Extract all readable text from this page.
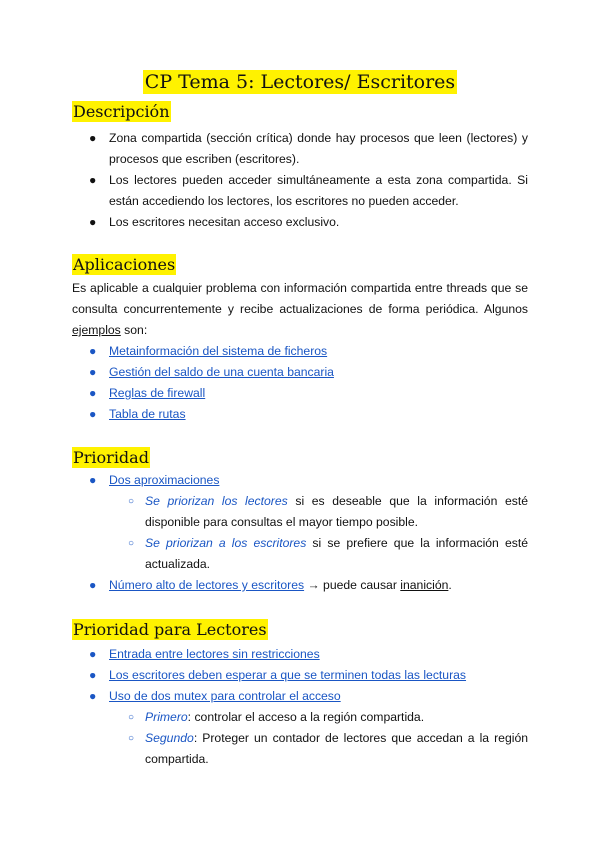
CP Tema 5: Lectores/ Escritores
Descripción
● Zona compartida (sección crítica) donde hay procesos que leen (lectores) y procesos que escriben (escritores).
● Los lectores pueden acceder simultáneamente a esta zona compartida. Si están accediendo los lectores, los escritores no pueden acceder.
● Los escritores necesitan acceso exclusivo.
Aplicaciones
Es aplicable a cualquier problema con información compartida entre threads que se consulta concurrentemente y recibe actualizaciones de forma periódica. Algunos ejemplos son:
● Metainformación del sistema de ficheros
● Gestión del saldo de una cuenta bancaria
● Reglas de firewall
● Tabla de rutas
Prioridad
● Dos aproximaciones
○ Se priorizan los lectores si es deseable que la información esté disponible para consultas el mayor tiempo posible.
○ Se priorizan a los escritores si se prefiere que la información esté actualizada.
● Número alto de lectores y escritores → puede causar inanición.
Prioridad para Lectores
● Entrada entre lectores sin restricciones
● Los escritores deben esperar a que se terminen todas las lecturas
● Uso de dos mutex para controlar el acceso
○ Primero: controlar el acceso a la región compartida.
○ Segundo: Proteger un contador de lectores que accedan a la región compartida.
